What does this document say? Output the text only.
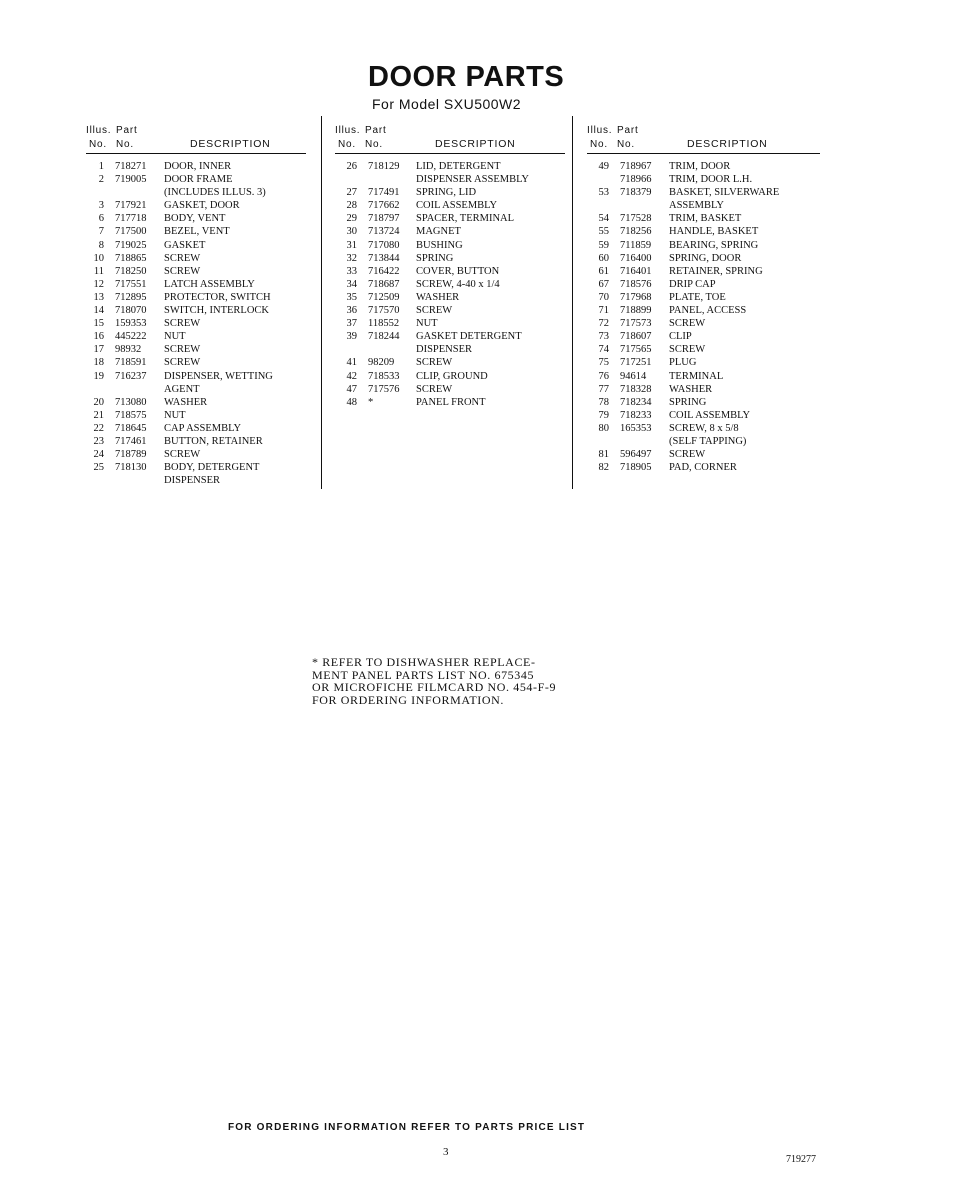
DOOR PARTS
For Model SXU500W2
Illus. Part
No. No.	DESCRIPTION
1 718271 DOOR, INNER
2 719005 DOOR FRAME
(INCLUDES ILLUS. 3)
3 717921 GASKET, DOOR
6 717718 BODY, VENT
7 717500 BEZEL, VENT
8 719025 GASKET
10 718865 SCREW
11 718250 SCREW
12 717551 LATCH ASSEMBLY
13 712895 PROTECTOR, SWITCH
14 718070 SWITCH, INTERLOCK
15 159353 SCREW
16 445222 NUT
17 98932 SCREW
18 718591 SCREW
19 716237 DISPENSER, WETTING
AGENT
20 713080 WASHER
21 718575 NUT
22 718645 CAP ASSEMBLY
23 717461 BUTTON, RETAINER
24 718789 SCREW
25 718130 BODY, DETERGENT
DISPENSER
Illus. Part
No. No.	DESCRIPTION
26 718129 LID, DETERGENT
DISPENSER ASSEMBLY
27 717491 SPRING, LID
28 717662 COIL ASSEMBLY
29 718797 SPACER, TERMINAL
30 713724 MAGNET
31 717080 BUSHING
32 713844 SPRING
33 716422 COVER, BUTTON
34 718687 SCREW, 4-40 x 1/4
35 712509 WASHER
36 717570 SCREW
37 118552 NUT
39 718244 GASKET DETERGENT
DISPENSER
41 98209 SCREW
42 718533 CLIP, GROUND
47 717576 SCREW
48 *	PANEL FRONT
Illus. Part
No. No.	DESCRIPTION
49 718967 TRIM, DOOR
718966 TRIM, DOOR L.H.
53 718379 BASKET, SILVERWARE
ASSEMBLY
54 717528 TRIM, BASKET
55 718256 HANDLE, BASKET
59 711859 BEARING, SPRING
60 716400 SPRING, DOOR
61 716401 RETAINER, SPRING
67 718576 DRIP CAP
70 717968 PLATE, TOE
71 718899 PANEL, ACCESS
72 717573 SCREW
73 718607 CLIP
74 717565 SCREW
75 717251 PLUG
76 94614 TERMINAL
77 718328 WASHER
78 718234 SPRING
79 718233 COIL ASSEMBLY
80 165353 SCREW, 8 x 5/8
(SELF TAPPING)
81 596497 SCREW
82 718905 PAD, CORNER
* REFER TO DISHWASHER REPLACE-
MENT PANEL PARTS LIST NO. 675345
OR MICROFICHE FILMCARD NO. 454-F-9
FOR ORDERING INFORMATION.
FOR ORDERING INFORMATION REFER TO PARTS PRICE LIST
3
719277
